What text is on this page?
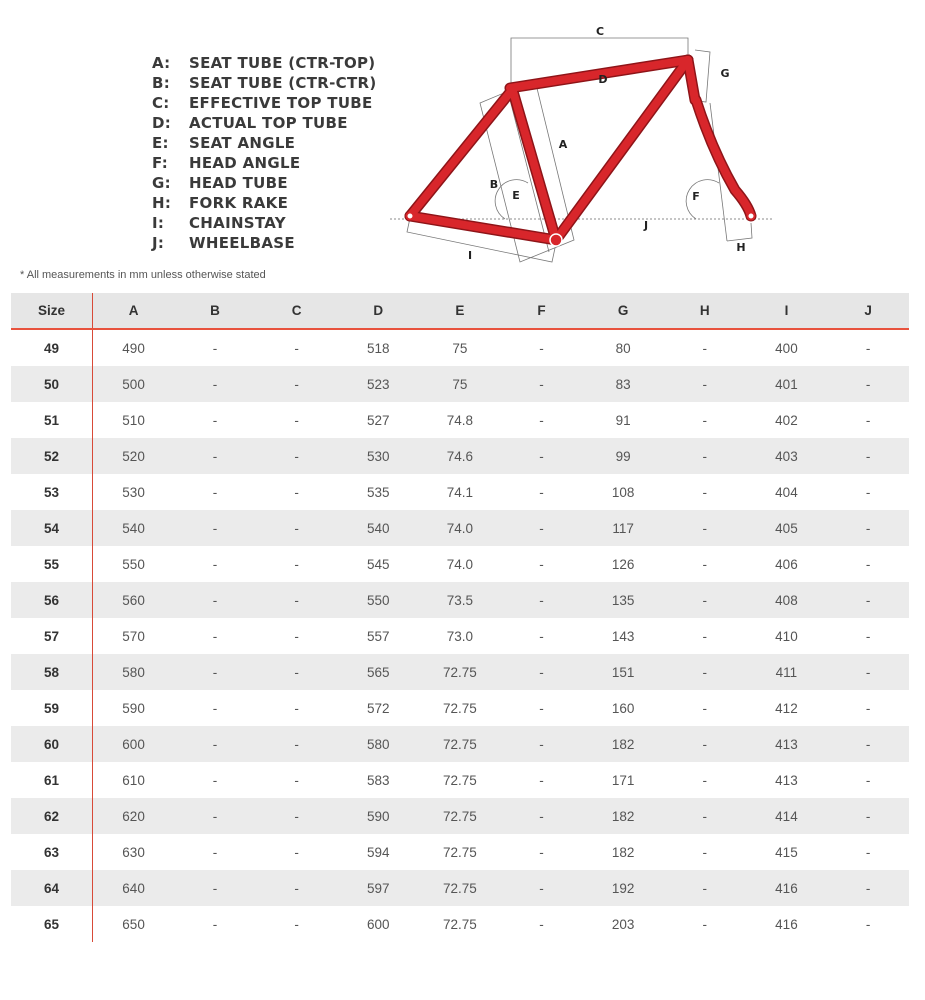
A: SEAT TUBE (CTR-TOP)
B: SEAT TUBE (CTR-CTR)
C: EFFECTIVE TOP TUBE
D: ACTUAL TOP TUBE
E: SEAT ANGLE
F: HEAD ANGLE
G: HEAD TUBE
H: FORK RAKE
I: CHAINSTAY
J: WHEELBASE
C
D	G
A
B
E	F
J
H
I
* All measurements in mm unless otherwise stated
Size	A	B	C	D	E	F	G	H	I	J
49	490	-	-	518	75	-	80	-	400	-
50	500	-	-	523	75	-	83	-	401	-
51	510	-	-	527	74.8	-	91	-	402	-
52	520	-	-	530	74.6	-	99	-	403	-
53	530	-	-	535	74.1	-	108	-	404	-
54	540	-	-	540	74.0	-	117	-	405	-
55	550	-	-	545	74.0	-	126	-	406	-
56	560	-	-	550	73.5	-	135	-	408	-
57	570	-	-	557	73.0	-	143	-	410	-
58	580	-	-	565	72.75	-	151	-	411	-
59	590	-	-	572	72.75	-	160	-	412	-
60	600	-	-	580	72.75	-	182	-	413	-
61	610	-	-	583	72.75	-	171	-	413	-
62	620	-	-	590	72.75	-	182	-	414	-
63	630	-	-	594	72.75	-	182	-	415	-
64	640	-	-	597	72.75	-	192	-	416	-
65	650	-	-	600	72.75	-	203	-	416	-
